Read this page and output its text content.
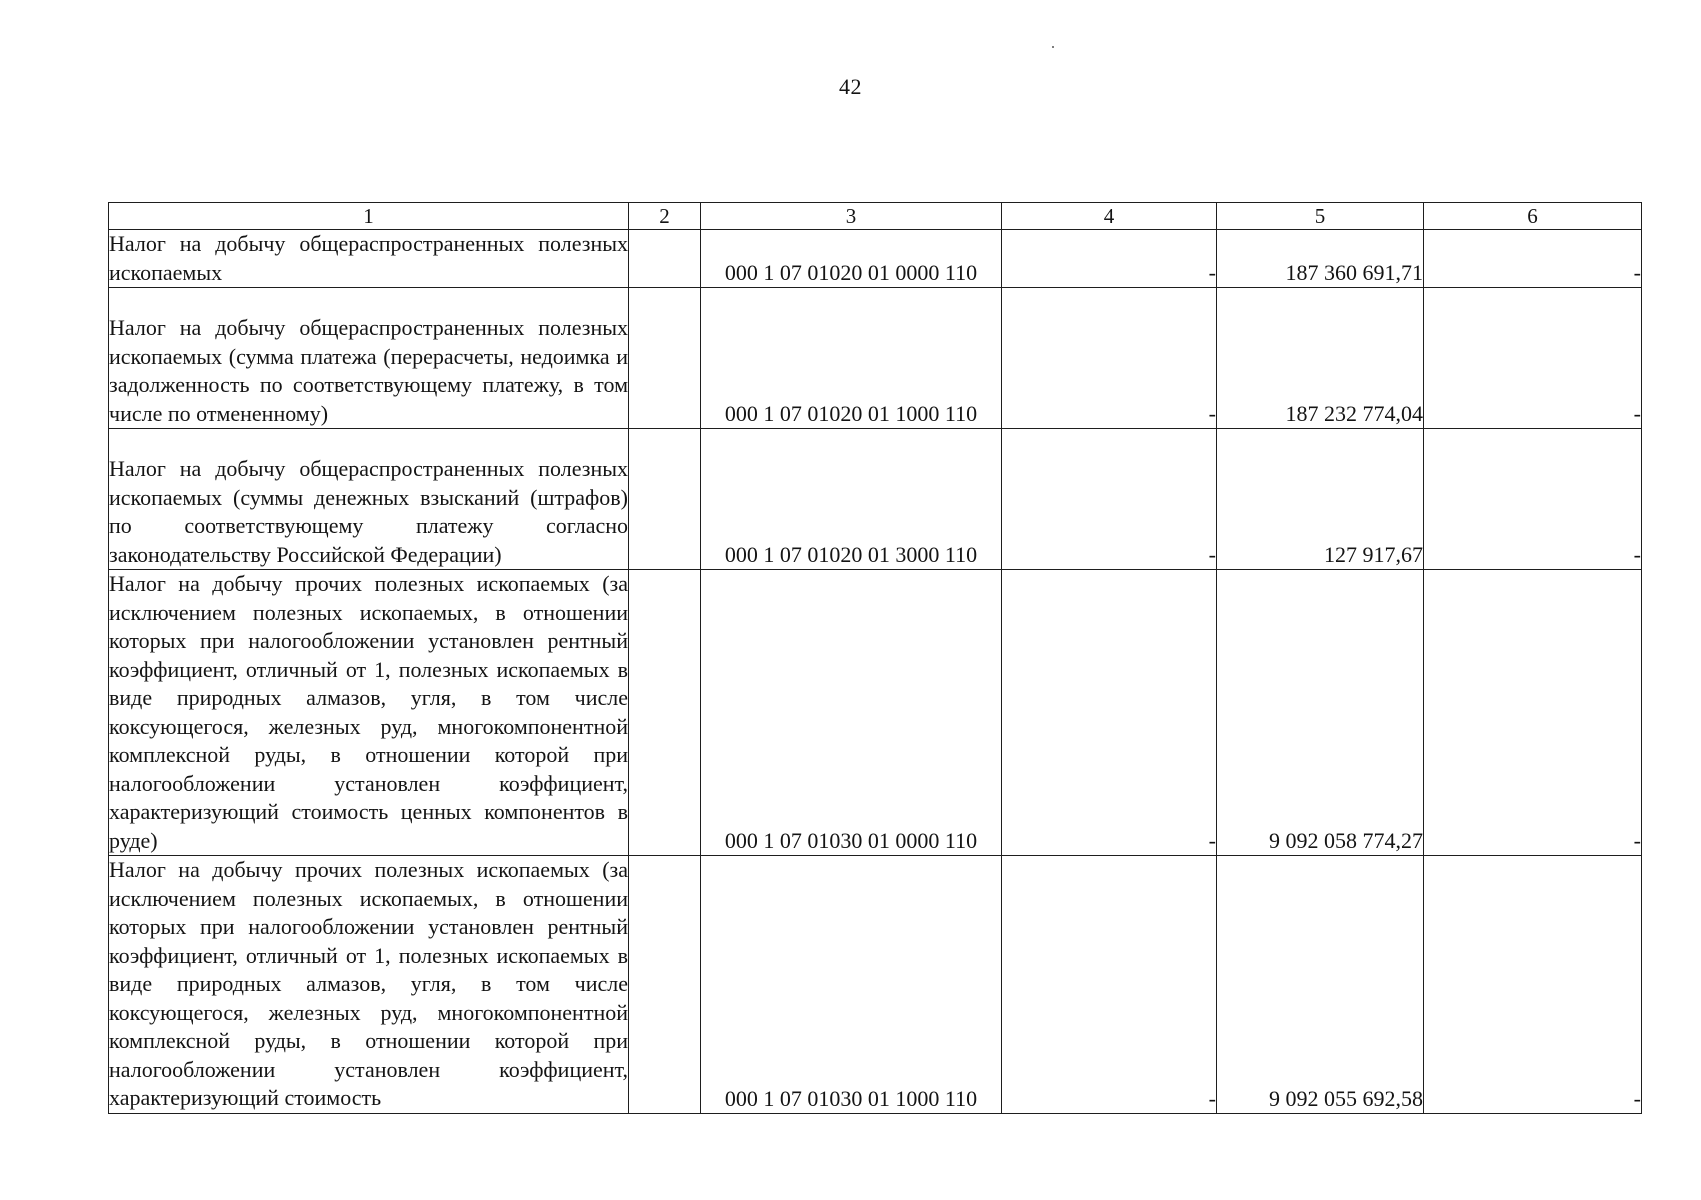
42
1	2	3	4	5	6

Налог на добычу общераспространенных полезных ископаемых		000 1 07 01020 01 0000 110	-	187 360 691,71	-

Налог на добычу общераспространенных полезных ископаемых (сумма платежа (перерасчеты, недоимка и задолженность по соответствующему платежу, в том числе по отмененному)		000 1 07 01020 01 1000 110	-	187 232 774,04	-

Налог на добычу общераспространенных полезных ископаемых (суммы денежных взысканий (штрафов) по соответствующему платежу согласно законодательству Российской Федерации)		000 1 07 01020 01 3000 110	-	127 917,67	-

Налог на добычу прочих полезных ископаемых (за исключением полезных ископаемых, в отношении которых при налогообложении установлен рентный коэффициент, отличный от 1, полезных ископаемых в виде природных алмазов, угля, в том числе коксующегося, железных руд, многокомпонентной комплексной руды, в отношении которой при налогообложении установлен коэффициент, характеризующий стоимость ценных компонентов в руде)		000 1 07 01030 01 0000 110	-	9 092 058 774,27	-

Налог на добычу прочих полезных ископаемых (за исключением полезных ископаемых, в отношении которых при налогообложении установлен рентный коэффициент, отличный от 1, полезных ископаемых в виде природных алмазов, угля, в том числе коксующегося, железных руд, многокомпонентной комплексной руды, в отношении которой при налогообложении установлен коэффициент, характеризующий стоимость		000 1 07 01030 01 1000 110	-	9 092 055 692,58	-
